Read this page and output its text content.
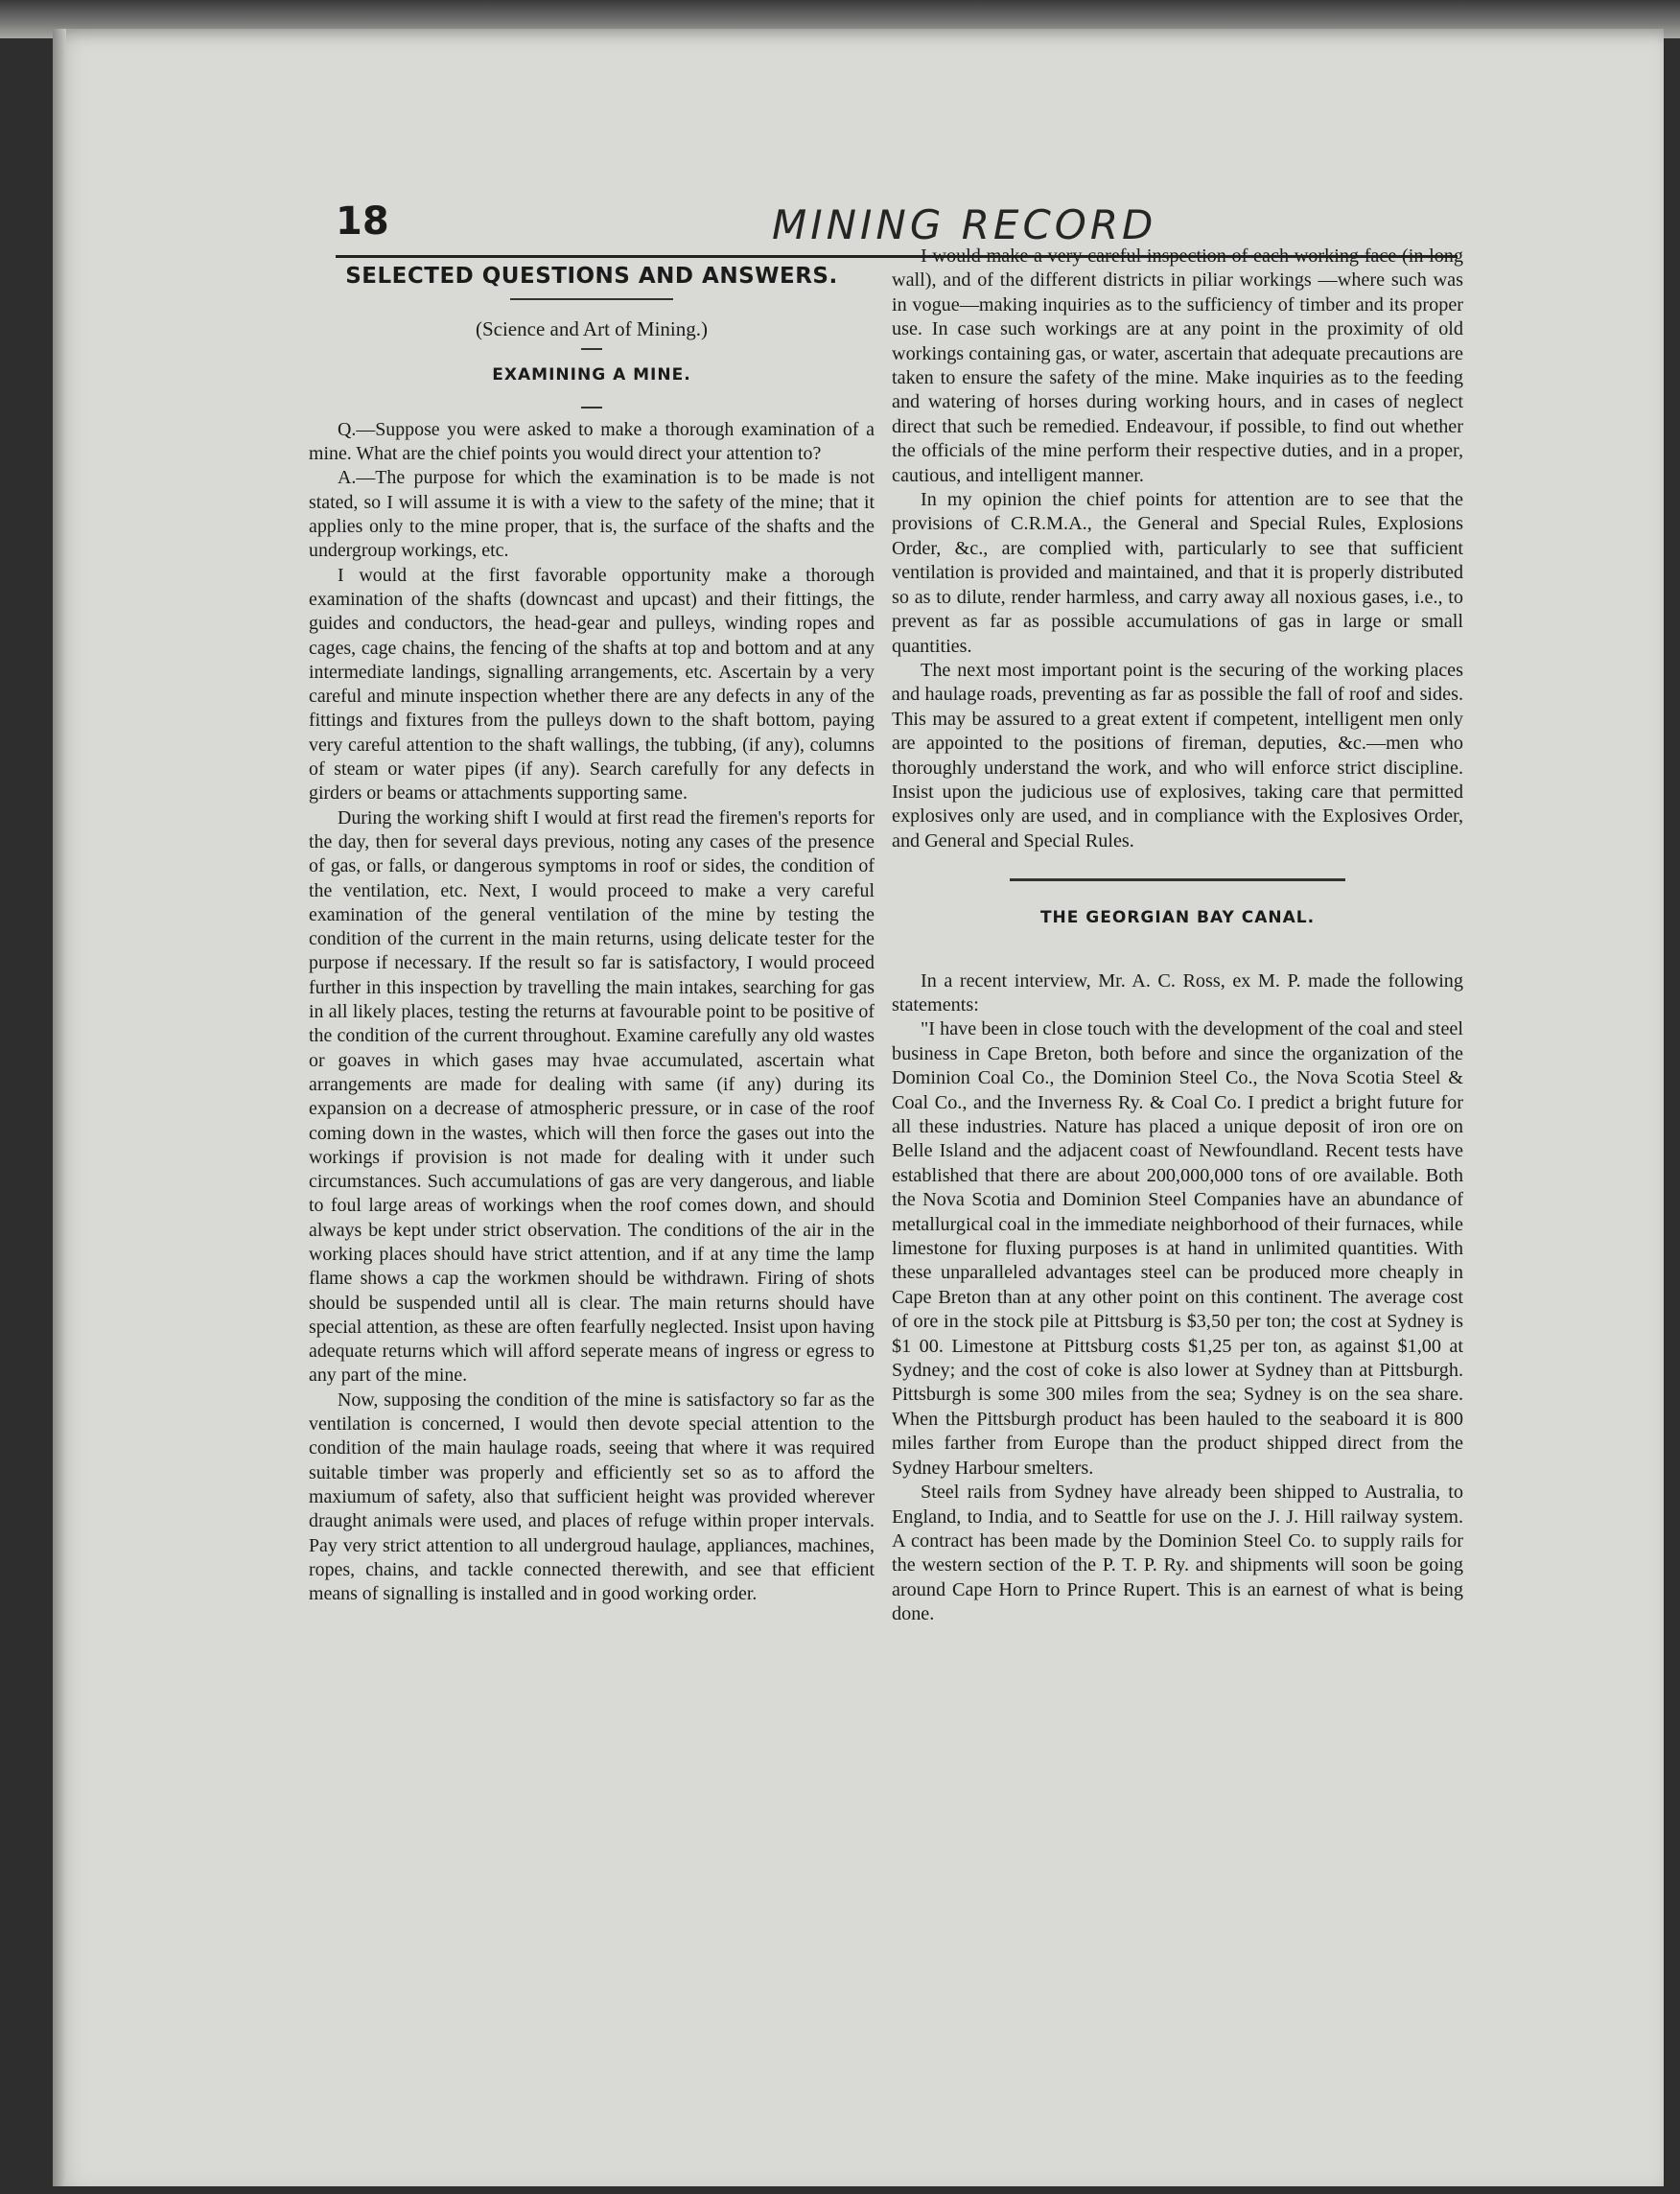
18	MINING RECORD
SELECTED QUESTIONS AND ANSWERS.

(Science and Art of Mining.)

EXAMINING A MINE.

Q.—Suppose you were asked to make a thorough examination of a mine. What are the chief points you would direct your attention to?

A.—The purpose for which the examination is to be made is not stated, so I will assume it is with a view to the safety of the mine; that it applies only to the mine proper, that is, the surface of the shafts and the undergroup workings, etc.

I would at the first favorable opportunity make a thorough examination of the shafts (downcast and upcast) and their fittings, the guides and conductors, the head-gear and pulleys, winding ropes and cages, cage chains, the fencing of the shafts at top and bottom and at any intermediate landings, signalling arrangements, etc. Ascertain by a very careful and minute inspection whether there are any defects in any of the fittings and fixtures from the pulleys down to the shaft bottom, paying very careful attention to the shaft wallings, the tubbing, (if any), columns of steam or water pipes (if any). Search carefully for any defects in girders or beams or attachments supporting same.

During the working shift I would at first read the firemen's reports for the day, then for several days previous, noting any cases of the presence of gas, or falls, or dangerous symptoms in roof or sides, the condition of the ventilation, etc. Next, I would proceed to make a very careful examination of the general ventilation of the mine by testing the condition of the current in the main returns, using delicate tester for the purpose if necessary. If the result so far is satisfactory, I would proceed further in this inspection by travelling the main intakes, searching for gas in all likely places, testing the returns at favourable point to be positive of the condition of the current throughout. Examine carefully any old wastes or goaves in which gases may hvae accumulated, ascertain what arrangements are made for dealing with same (if any) during its expansion on a decrease of atmospheric pressure, or in case of the roof coming down in the wastes, which will then force the gases out into the workings if provision is not made for dealing with it under such circumstances. Such accumulations of gas are very dangerous, and liable to foul large areas of workings when the roof comes down, and should always be kept under strict observation. The conditions of the air in the working places should have strict attention, and if at any time the lamp flame shows a cap the workmen should be withdrawn. Firing of shots should be suspended until all is clear. The main returns should have special attention, as these are often fearfully neglected. Insist upon having adequate returns which will afford seperate means of ingress or egress to any part of the mine.

Now, supposing the condition of the mine is satisfactory so far as the ventilation is concerned, I would then devote special attention to the condition of the main haulage roads, seeing that where it was required suitable timber was properly and efficiently set so as to afford the maxiumum of safety, also that sufficient height was provided wherever draught animals were used, and places of refuge within proper intervals. Pay very strict attention to all undergroud haulage, appliances, machines, ropes, chains, and tackle connected therewith, and see that efficient means of signalling is installed and in good working order.

I would make a very careful inspection of each working face (in long wall), and of the different districts in piliar workings —where such was in vogue—making inquiries as to the sufficiency of timber and its proper use. In case such workings are at any point in the proximity of old workings containing gas, or water, ascertain that adequate precautions are taken to ensure the safety of the mine. Make inquiries as to the feeding and watering of horses during working hours, and in cases of neglect direct that such be remedied. Endeavour, if possible, to find out whether the officials of the mine perform their respective duties, and in a proper, cautious, and intelligent manner.

In my opinion the chief points for attention are to see that the provisions of C.R.M.A., the General and Special Rules, Explosions Order, &c., are complied with, particularly to see that sufficient ventilation is provided and maintained, and that it is properly distributed so as to dilute, render harmless, and carry away all noxious gases, i.e., to prevent as far as possible accumulations of gas in large or small quantities.

The next most important point is the securing of the working places and haulage roads, preventing as far as possible the fall of roof and sides. This may be assured to a great extent if competent, intelligent men only are appointed to the positions of fireman, deputies, &c.—men who thoroughly understand the work, and who will enforce strict discipline. Insist upon the judicious use of explosives, taking care that permitted explosives only are used, and in compliance with the Explosives Order, and General and Special Rules.

THE GEORGIAN BAY CANAL.

In a recent interview, Mr. A. C. Ross, ex M. P. made the following statements:

"I have been in close touch with the development of the coal and steel business in Cape Breton, both before and since the organization of the Dominion Coal Co., the Dominion Steel Co., the Nova Scotia Steel & Coal Co., and the Inverness Ry. & Coal Co. I predict a bright future for all these industries. Nature has placed a unique deposit of iron ore on Belle Island and the adjacent coast of Newfoundland. Recent tests have established that there are about 200,000,000 tons of ore available. Both the Nova Scotia and Dominion Steel Companies have an abundance of metallurgical coal in the immediate neighborhood of their furnaces, while limestone for fluxing purposes is at hand in unlimited quantities. With these unparalleled advantages steel can be produced more cheaply in Cape Breton than at any other point on this continent. The average cost of ore in the stock pile at Pittsburg is $3,50 per ton; the cost at Sydney is $1 00. Limestone at Pittsburg costs $1,25 per ton, as against $1,00 at Sydney; and the cost of coke is also lower at Sydney than at Pittsburgh. Pittsburgh is some 300 miles from the sea; Sydney is on the sea share. When the Pittsburgh product has been hauled to the seaboard it is 800 miles farther from Europe than the product shipped direct from the Sydney Harbour smelters.

Steel rails from Sydney have already been shipped to Australia, to England, to India, and to Seattle for use on the J. J. Hill railway system. A contract has been made by the Dominion Steel Co. to supply rails for the western section of the P. T. P. Ry. and shipments will soon be going around Cape Horn to Prince Rupert. This is an earnest of what is being done.
